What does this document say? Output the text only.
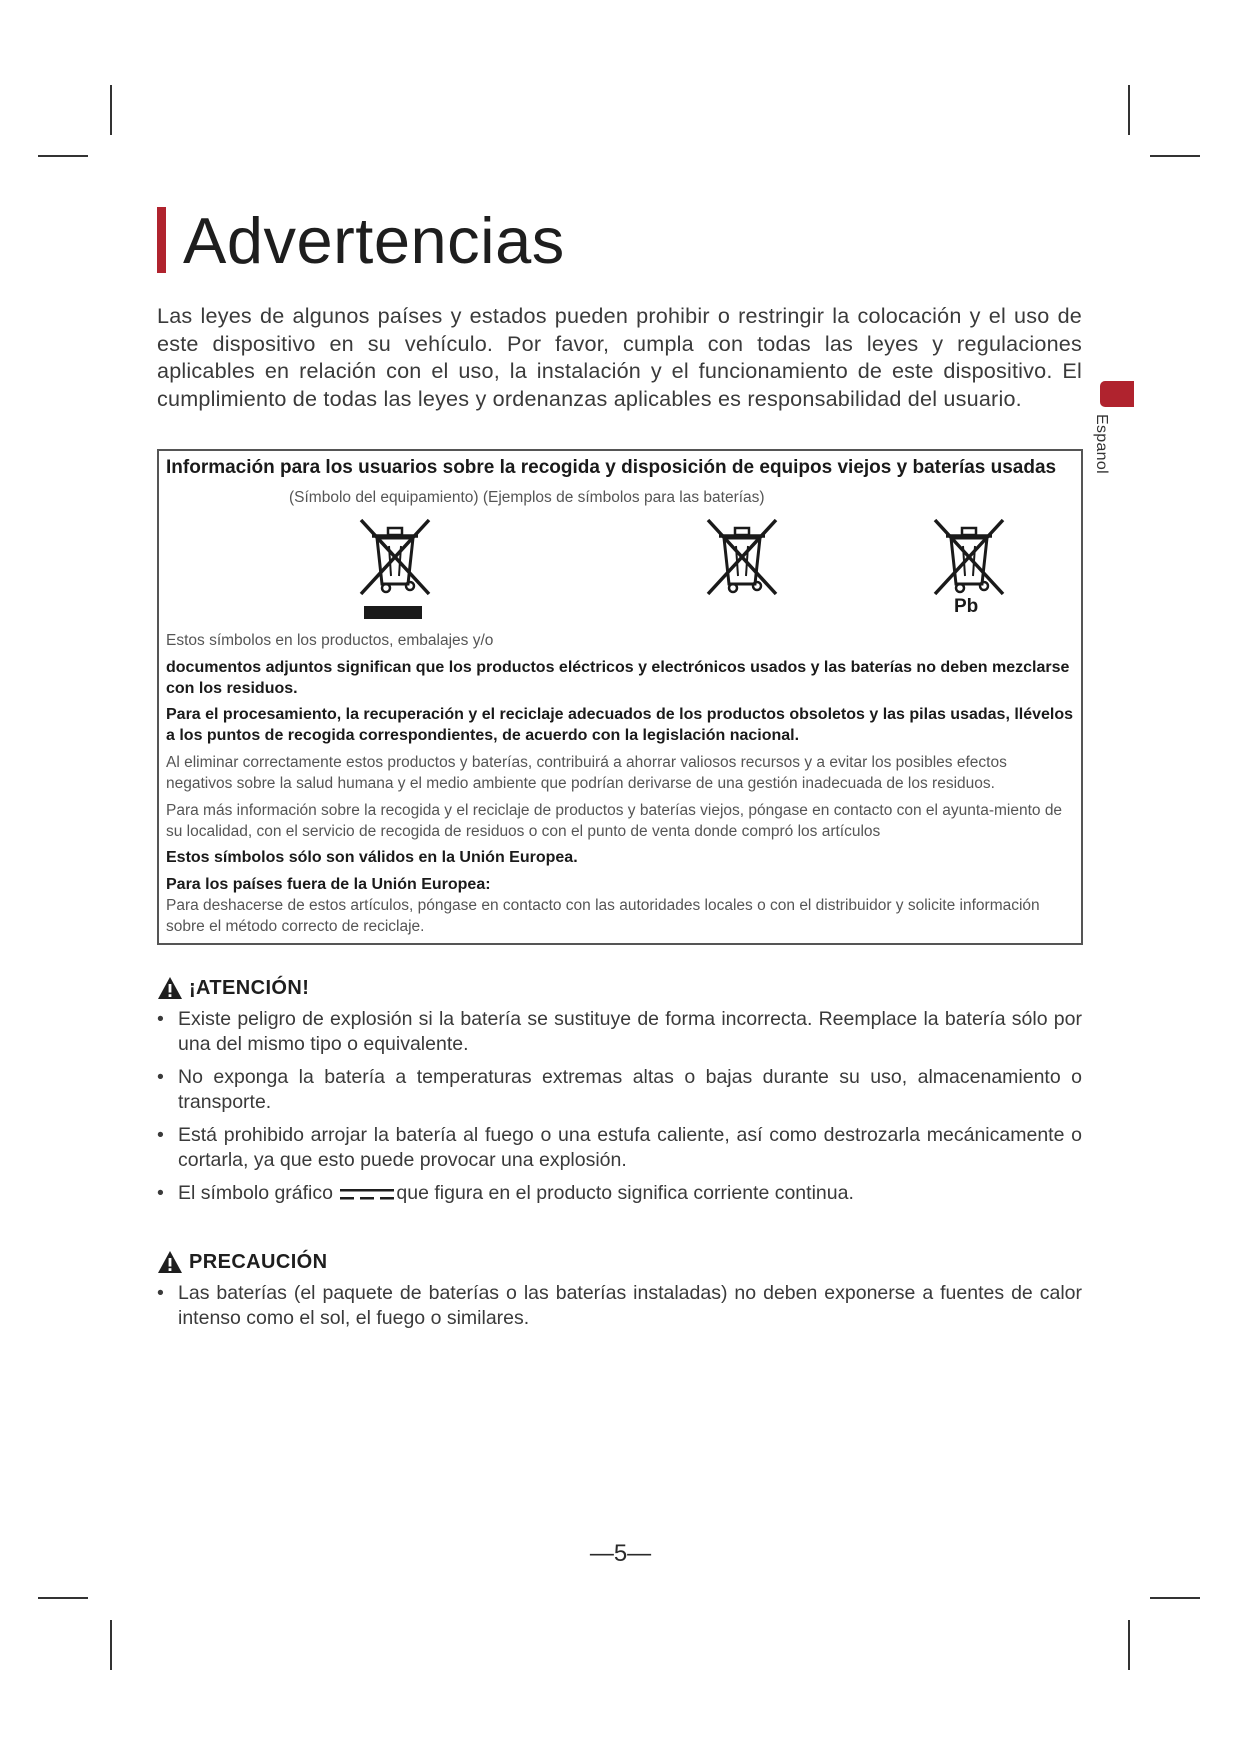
Advertencias
Las leyes de algunos países y estados pueden prohibir o restringir la colocación y el uso de este dispositivo en su vehículo. Por favor, cumpla con todas las leyes y regulaciones aplicables en relación con el uso, la instalación y el funcionamiento de este dispositivo. El cumplimiento de todas las leyes y ordenanzas aplicables es responsabilidad del usuario.
Espanol
Información para los usuarios sobre la recogida y disposición de equipos viejos y baterías usadas
(Símbolo del equipamiento) (Ejemplos de símbolos para las baterías)
Pb
Estos símbolos en los productos, embalajes y/o
documentos adjuntos significan que los productos eléctricos y electrónicos usados y las baterías no deben mezclarse con los residuos.
Para el procesamiento, la recuperación y el reciclaje adecuados de los productos obsoletos y las pilas usadas, llévelos a los puntos de recogida correspondientes, de acuerdo con la legislación nacional.
Al eliminar correctamente estos productos y baterías, contribuirá a ahorrar valiosos recursos y a evitar los posibles efectos negativos sobre la salud humana y el medio ambiente que podrían derivarse de una gestión inadecuada de los residuos.
Para más información sobre la recogida y el reciclaje de productos y baterías viejos, póngase en contacto con el ayunta-miento de su localidad, con el servicio de recogida de residuos o con el punto de venta donde compró los artículos
Estos símbolos sólo son válidos en la Unión Europea.
Para los países fuera de la Unión Europea:
Para deshacerse de estos artículos, póngase en contacto con las autoridades locales o con el distribuidor y solicite información sobre el método correcto de reciclaje.
¡ATENCIÓN!
• Existe peligro de explosión si la batería se sustituye de forma incorrecta. Reemplace la batería sólo por una del mismo tipo o equivalente.
• No exponga la batería a temperaturas extremas altas o bajas durante su uso, almacenamiento o transporte.
• Está prohibido arrojar la batería al fuego o una estufa caliente, así como destrozarla mecánicamente o cortarla, ya que esto puede provocar una explosión.
• El símbolo gráfico	que figura en el producto significa corriente continua.
PRECAUCIÓN
• Las baterías (el paquete de baterías o las baterías instaladas) no deben exponerse a fuentes de calor intenso como el sol, el fuego o similares.
—5—
